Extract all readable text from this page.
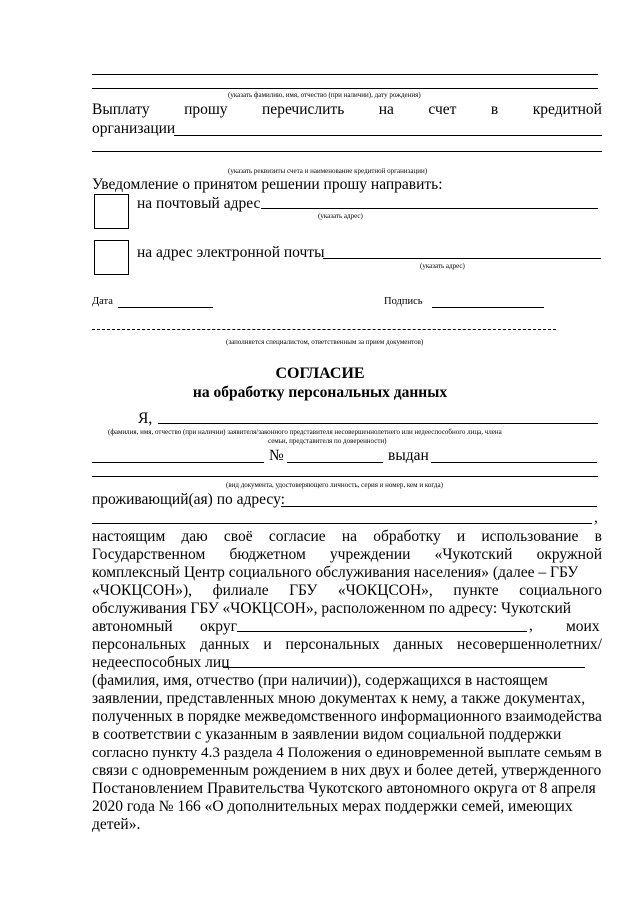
(указать фамилию, имя, отчество (при наличии), дату рождения)
Выплату прошу перечислить на счет в кредитной
организации
(указать реквизиты счета и наименование кредитной организации)
Уведомление о принятом решении прошу направить:
на почтовый адрес
(указать адрес)
на адрес электронной почты
(указать адрес)
Дата	Подпись
(заполняется специалистом, ответственным за прием документов)
СОГЛАСИЕ
на обработку персональных данных
Я,
(фамилия, имя, отчество (при наличии) заявителя/законного представителя несовершеннолетнего или недееспособного лица, члена
семьи, представителя по доверенности)
№	выдан
(вид документа, удостоверяющего личность, серия и номер, кем и когда)
проживающий(ая) по адресу:
,
настоящим даю своё согласие на обработку и использование в
Государственном бюджетном учреждении «Чукотский окружной
комплексный Центр социального обслуживания населения» (далее – ГБУ
«ЧОКЦСОН»), филиале ГБУ «ЧОКЦСОН», пункте социального
обслуживания ГБУ «ЧОКЦСОН», расположенном по адресу: Чукотский
автономный округ	, моих
персональных данных и персональных данных несовершеннолетних/
недееспособных лиц
(фамилия, имя, отчество (при наличии)), содержащихся в настоящем
заявлении, представленных мною документах к нему, а также документах,
полученных в порядке межведомственного информационного взаимодейства
в соответствии с указанным в заявлении видом социальной поддержки
согласно пункту 4.3 раздела 4 Положения о единовременной выплате семьям в
связи с одновременным рождением в них двух и более детей, утвержденного
Постановлением Правительства Чукотского автономного округа от 8 апреля
2020 года № 166 «О дополнительных мерах поддержки семей, имеющих
детей».
